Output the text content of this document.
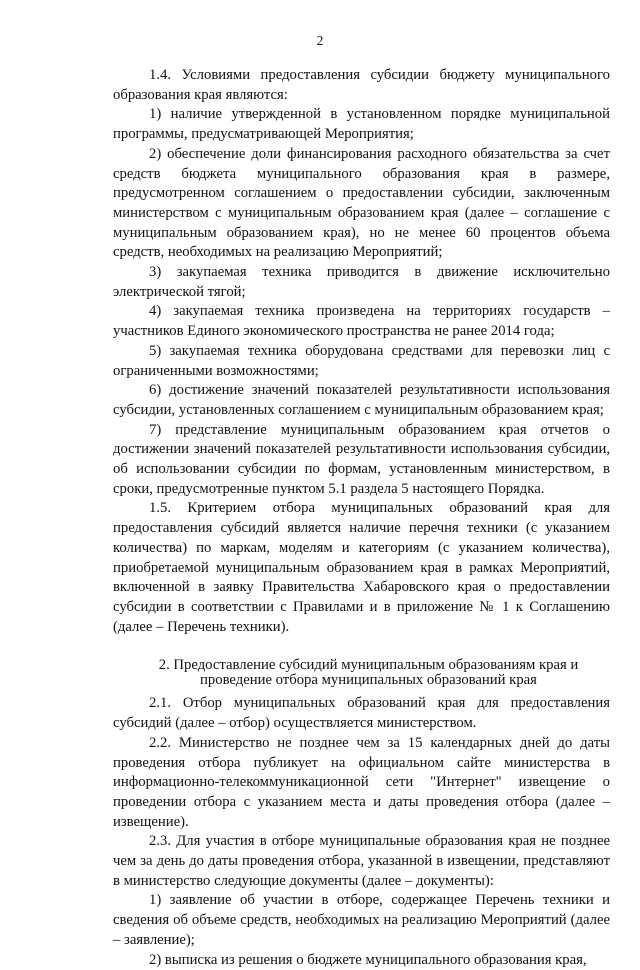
2

1.4. Условиями предоставления субсидии бюджету муниципального образования края являются:

1) наличие утвержденной в установленном порядке муниципальной программы, предусматривающей Мероприятия;

2) обеспечение доли финансирования расходного обязательства за счет средств бюджета муниципального образования края в размере, предусмотренном соглашением о предоставлении субсидии, заключенным министерством с муниципальным образованием края (далее – соглашение с муниципальным образованием края), но не менее 60 процентов объема средств, необходимых на реализацию Мероприятий;

3) закупаемая техника приводится в движение исключительно электрической тягой;

4) закупаемая техника произведена на территориях государств – участников Единого экономического пространства не ранее 2014 года;

5) закупаемая техника оборудована средствами для перевозки лиц с ограниченными возможностями;

6) достижение значений показателей результативности использования субсидии, установленных соглашением с муниципальным образованием края;

7) представление муниципальным образованием края отчетов о достижении значений показателей результативности использования субсидии, об использовании субсидии по формам, установленным министерством, в сроки, предусмотренные пунктом 5.1 раздела 5 настоящего Порядка.

1.5. Критерием отбора муниципальных образований края для предоставления субсидий является наличие перечня техники (с указанием количества) по маркам, моделям и категориям (с указанием количества), приобретаемой муниципальным образованием края в рамках Мероприятий, включенной в заявку Правительства Хабаровского края о предоставлении субсидии в соответствии с Правилами и в приложение № 1 к Соглашению (далее – Перечень техники).

2. Предоставление субсидий муниципальным образованиям края и проведение отбора муниципальных образований края

2.1. Отбор муниципальных образований края для предоставления субсидий (далее – отбор) осуществляется министерством.

2.2. Министерство не позднее чем за 15 календарных дней до даты проведения отбора публикует на официальном сайте министерства в информационно-телекоммуникационной сети "Интернет" извещение о проведении отбора с указанием места и даты проведения отбора (далее – извещение).

2.3. Для участия в отборе муниципальные образования края не позднее чем за день до даты проведения отбора, указанной в извещении, представляют в министерство следующие документы (далее – документы):

1) заявление об участии в отборе, содержащее Перечень техники и сведения об объеме средств, необходимых на реализацию Мероприятий (далее – заявление);

2) выписка из решения о бюджете муниципального образования края,
